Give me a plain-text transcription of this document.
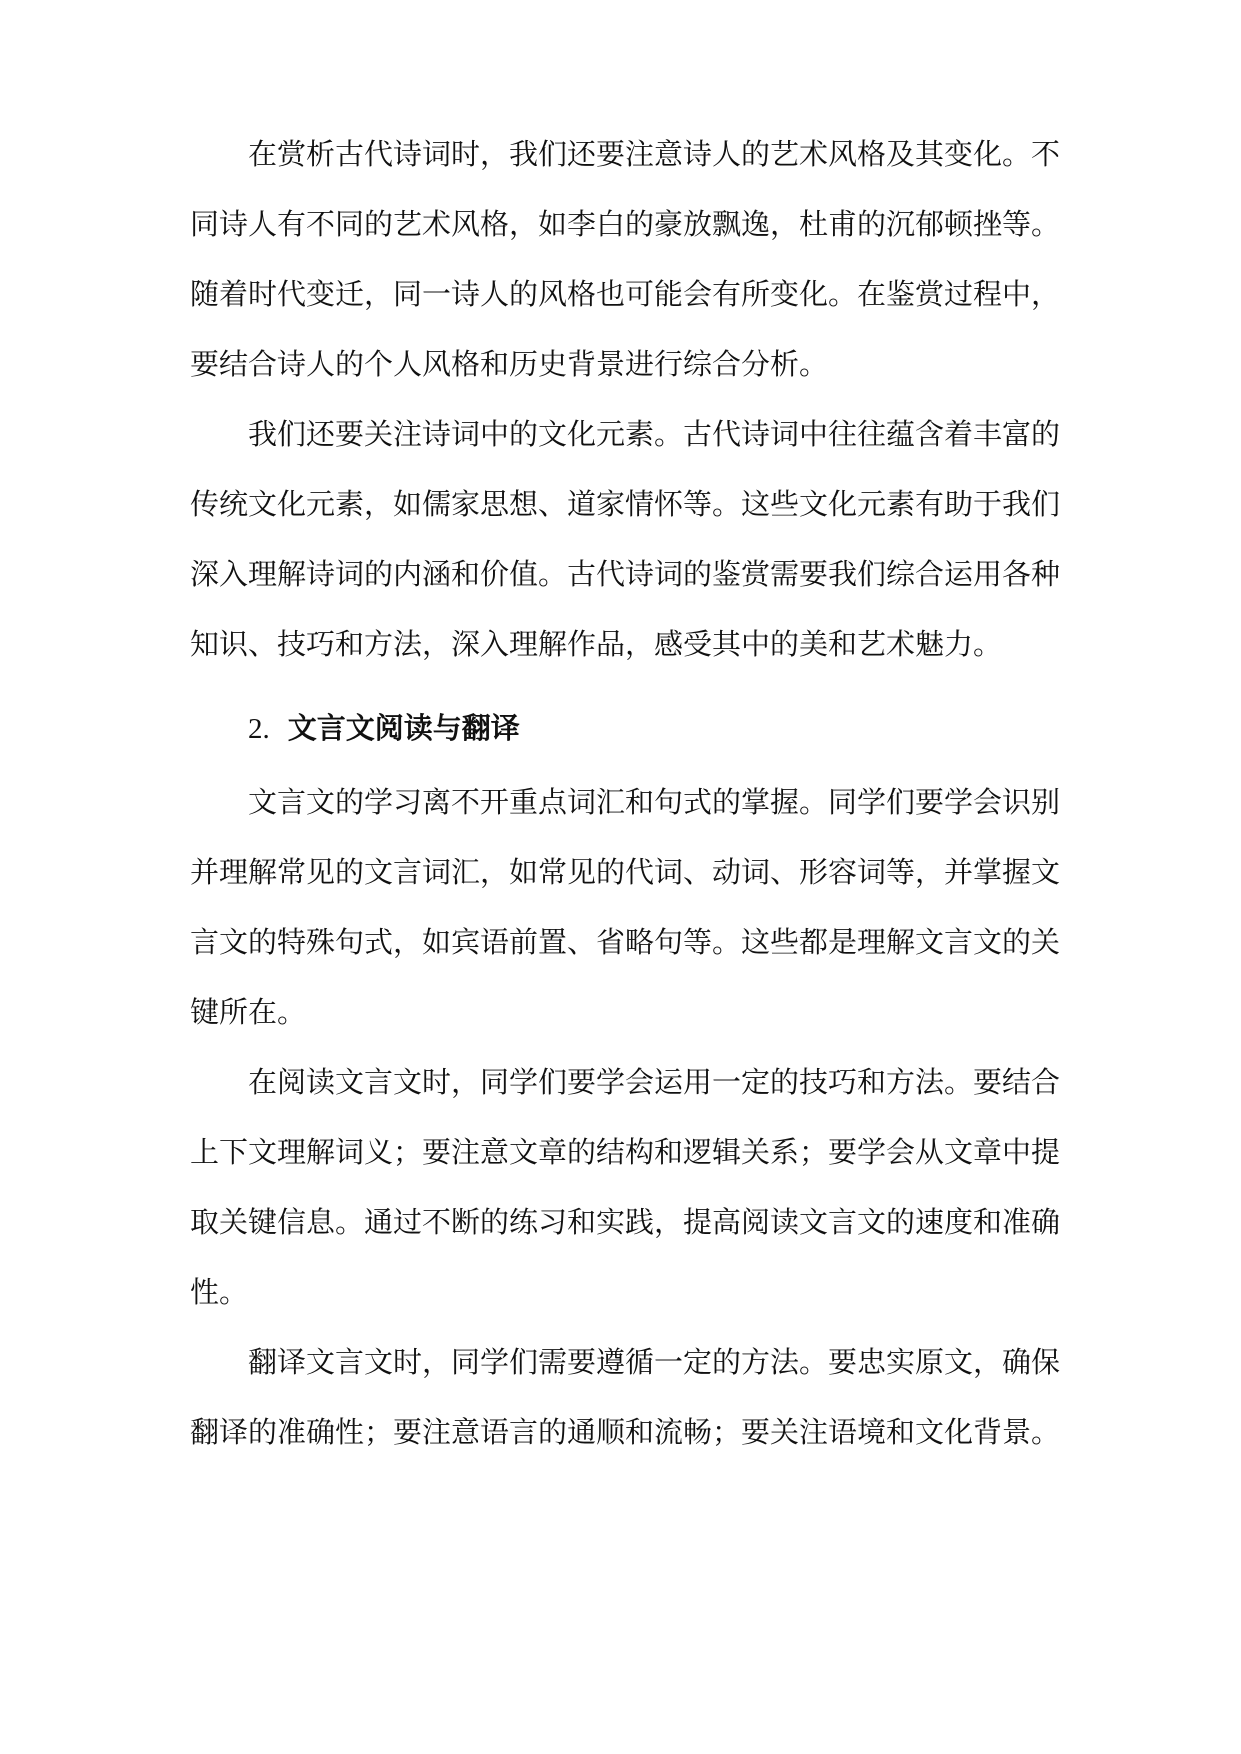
在赏析古代诗词时，我们还要注意诗人的艺术风格及其变化。不
同诗人有不同的艺术风格，如李白的豪放飘逸，杜甫的沉郁顿挫等。
随着时代变迁，同一诗人的风格也可能会有所变化。在鉴赏过程中，
要结合诗人的个人风格和历史背景进行综合分析。
我们还要关注诗词中的文化元素。古代诗词中往往蕴含着丰富的
传统文化元素，如儒家思想、道家情怀等。这些文化元素有助于我们
深入理解诗词的内涵和价值。古代诗词的鉴赏需要我们综合运用各种
知识、技巧和方法，深入理解作品，感受其中的美和艺术魅力。
2. 文言文阅读与翻译
文言文的学习离不开重点词汇和句式的掌握。同学们要学会识别
并理解常见的文言词汇，如常见的代词、动词、形容词等，并掌握文
言文的特殊句式，如宾语前置、省略句等。这些都是理解文言文的关
键所在。
在阅读文言文时，同学们要学会运用一定的技巧和方法。要结合
上下文理解词义；要注意文章的结构和逻辑关系；要学会从文章中提
取关键信息。通过不断的练习和实践，提高阅读文言文的速度和准确
性。
翻译文言文时，同学们需要遵循一定的方法。要忠实原文，确保
翻译的准确性；要注意语言的通顺和流畅；要关注语境和文化背景。
